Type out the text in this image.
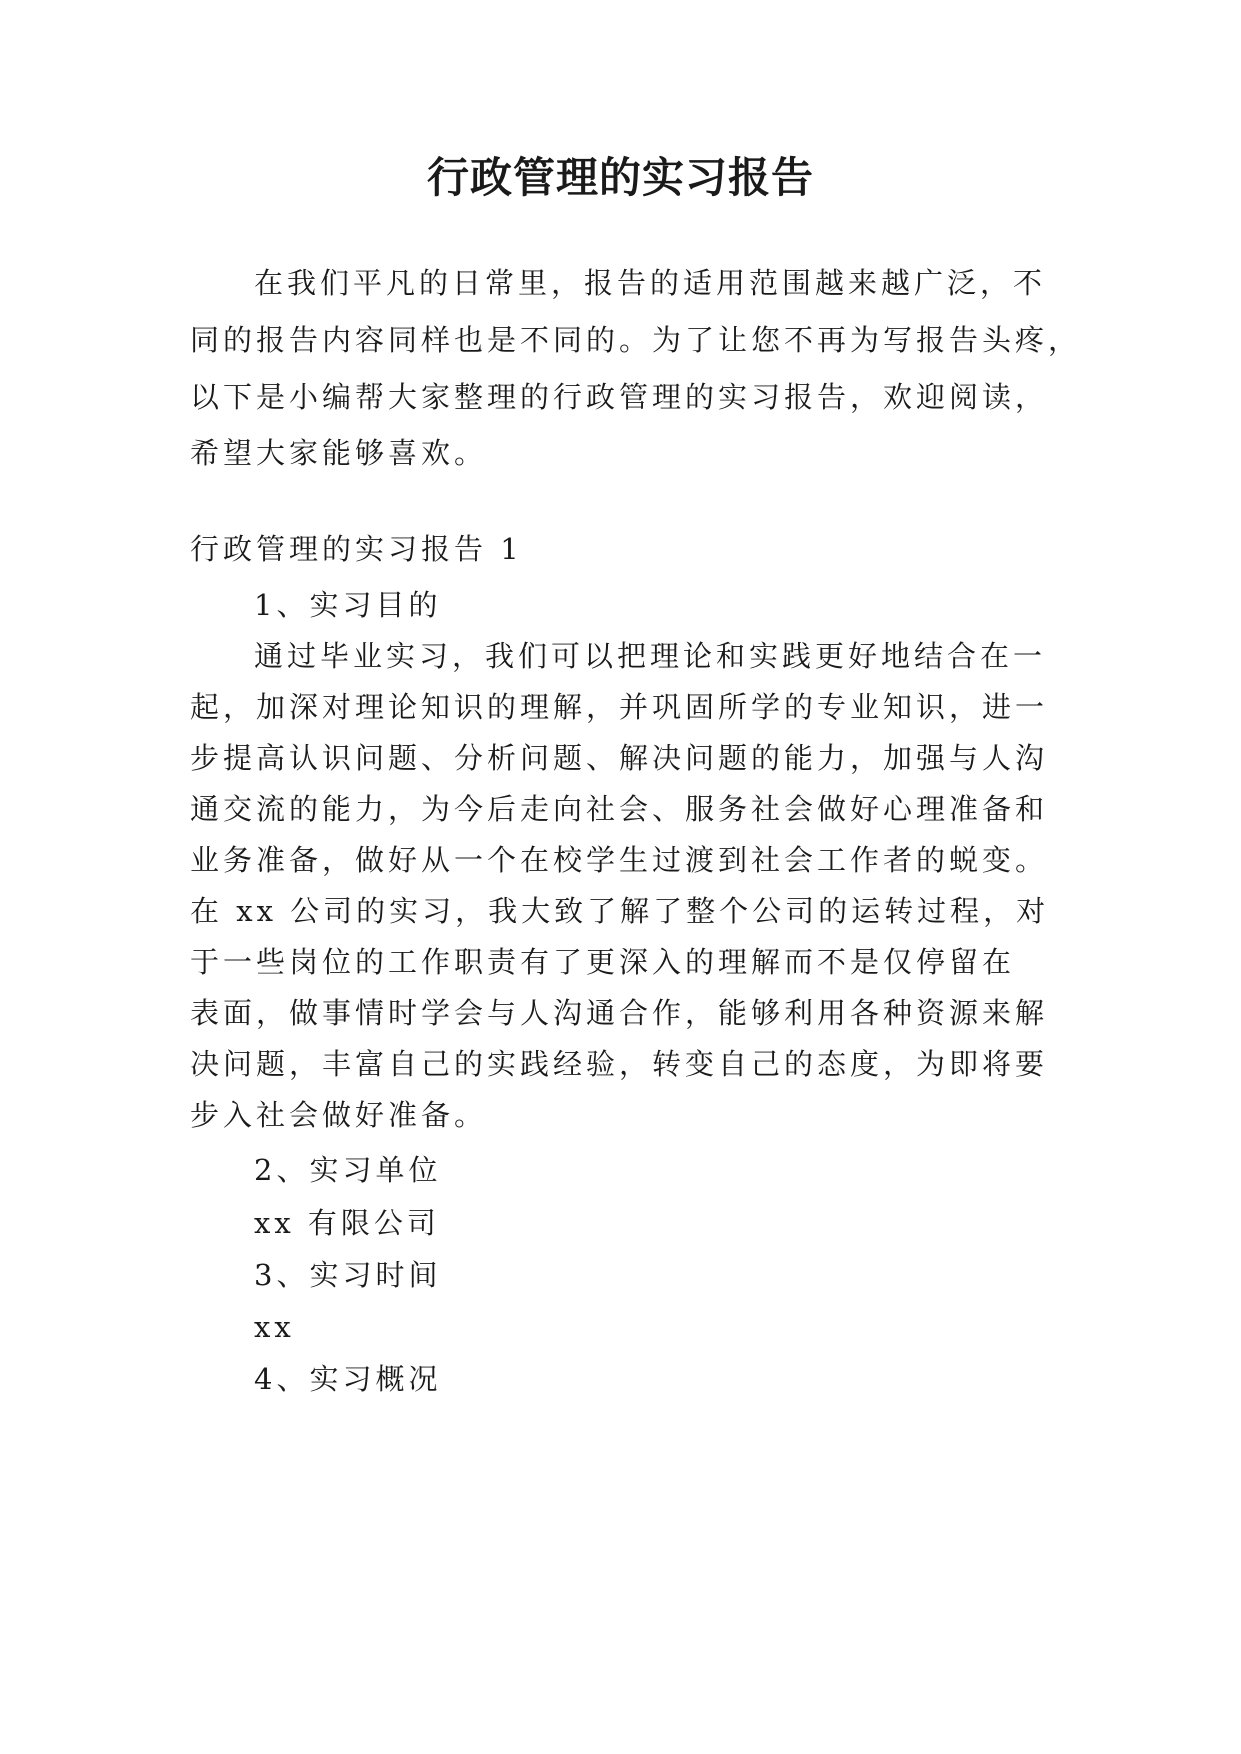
行政管理的实习报告
在我们平凡的日常里，报告的适用范围越来越广泛，不
同的报告内容同样也是不同的。为了让您不再为写报告头疼，
以下是小编帮大家整理的行政管理的实习报告，欢迎阅读，
希望大家能够喜欢。
行政管理的实习报告 1
1、实习目的
通过毕业实习，我们可以把理论和实践更好地结合在一
起，加深对理论知识的理解，并巩固所学的专业知识，进一
步提高认识问题、分析问题、解决问题的能力，加强与人沟
通交流的能力，为今后走向社会、服务社会做好心理准备和
业务准备，做好从一个在校学生过渡到社会工作者的蜕变。
在 xx 公司的实习，我大致了解了整个公司的运转过程，对
于一些岗位的工作职责有了更深入的理解而不是仅停留在
表面，做事情时学会与人沟通合作，能够利用各种资源来解
决问题，丰富自己的实践经验，转变自己的态度，为即将要
步入社会做好准备。
2、实习单位
xx 有限公司
3、实习时间
xx
4、实习概况
